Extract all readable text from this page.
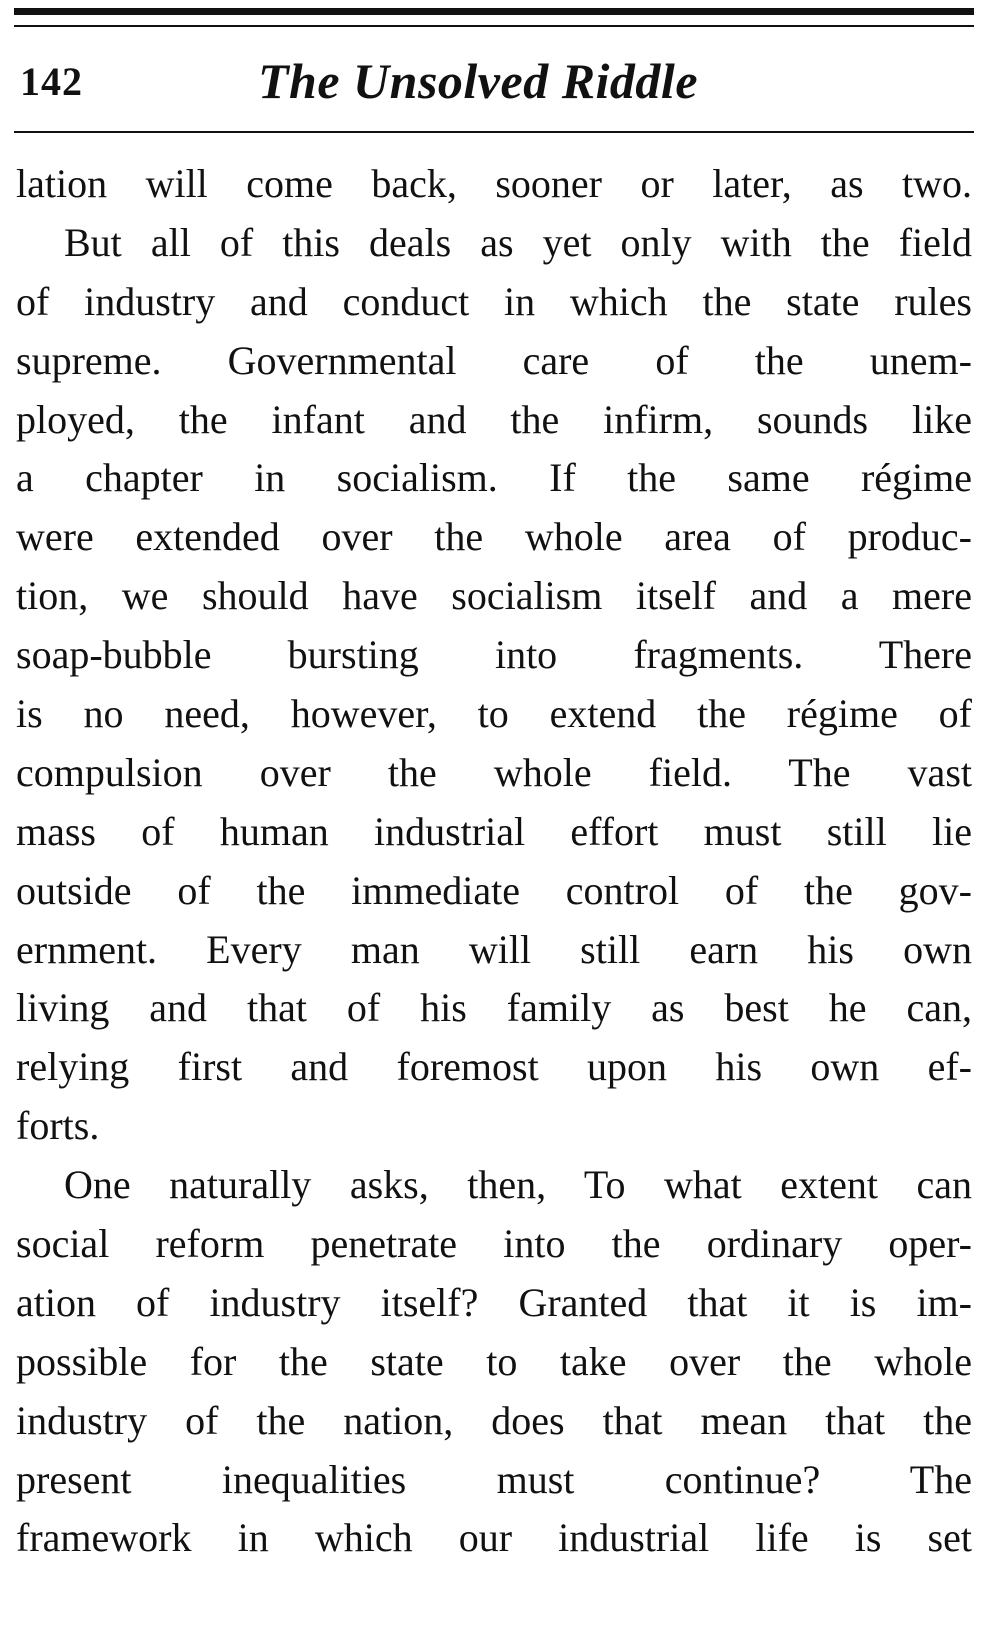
142	The Unsolved Riddle
lation will come back, sooner or later, as two.
But all of this deals as yet only with the field
of industry and conduct in which the state rules
supreme. Governmental care of the unem-
ployed, the infant and the infirm, sounds like
a chapter in socialism. If the same régime
were extended over the whole area of produc-
tion, we should have socialism itself and a mere
soap-bubble bursting into fragments. There
is no need, however, to extend the régime of
compulsion over the whole field. The vast
mass of human industrial effort must still lie
outside of the immediate control of the gov-
ernment. Every man will still earn his own
living and that of his family as best he can,
relying first and foremost upon his own ef-
forts.
One naturally asks, then, To what extent can
social reform penetrate into the ordinary oper-
ation of industry itself? Granted that it is im-
possible for the state to take over the whole
industry of the nation, does that mean that the
present inequalities must continue? The
framework in which our industrial life is set
